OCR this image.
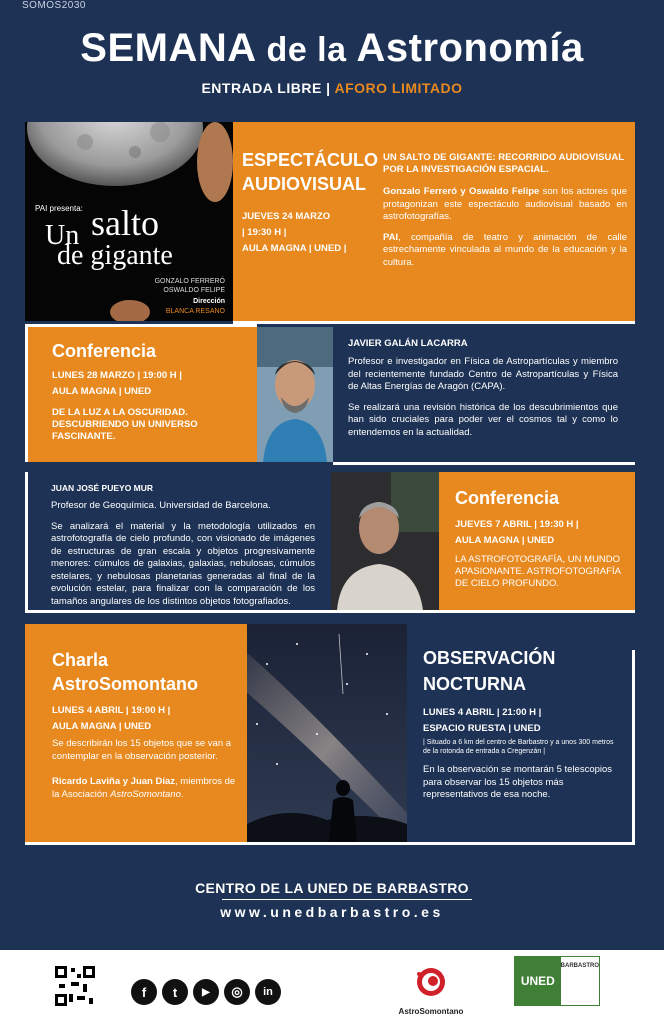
SOMOS2030
SEMANA de la Astronomía
ENTRADA LIBRE | AFORO LIMITADO
PAI presenta:
Un salto
de gigante
GONZALO FERRERÓ
OSWALDO FELIPE
Dirección
BLANCA RESANO
ESPECTÁCULO
AUDIOVISUAL
JUEVES 24 MARZO
| 19:30 H |
AULA MAGNA | UNED |
UN SALTO DE GIGANTE: RECORRIDO AUDIOVISUAL POR LA INVESTIGACIÓN ESPACIAL.
Gonzalo Ferreró y Oswaldo Felipe son los actores que protagonizan este espectáculo audiovisual basado en astrofotografías.
PAI, compañía de teatro y animación de calle estrechamente vinculada al mundo de la educación y la cultura.
Conferencia
LUNES 28 MARZO | 19:00 H |
AULA MAGNA | UNED
DE LA LUZ A LA OSCURIDAD. DESCUBRIENDO UN UNIVERSO FASCINANTE.
JAVIER GALÁN LACARRA
Profesor e investigador en Física de Astropartículas y miembro del recientemente fundado Centro de Astropartículas y Física de Altas Energías de Aragón (CAPA).
Se realizará una revisión histórica de los descubrimientos que han sido cruciales para poder ver el cosmos tal y como lo entendemos en la actualidad.
JUAN JOSÉ PUEYO MUR
Profesor de Geoquímica. Universidad de Barcelona.
Se analizará el material y la metodología utilizados en astrofotografía de cielo profundo, con visionado de imágenes de estructuras de gran escala y objetos progresivamente menores: cúmulos de galaxias, galaxias, nebulosas, cúmulos estelares, y nebulosas planetarias generadas al final de la evolución estelar, para finalizar con la comparación de los tamaños angulares de los distintos objetos fotografiados.
Conferencia
JUEVES 7 ABRIL | 19:30 H |
AULA MAGNA | UNED
LA ASTROFOTOGRAFÍA, UN MUNDO APASIONANTE. ASTROFOTOGRAFÍA DE CIELO PROFUNDO.
Charla
AstroSomontano
LUNES 4 ABRIL | 19:00 H |
AULA MAGNA | UNED
Se describirán los 15 objetos que se van a contemplar en la observación posterior.
Ricardo Laviña y Juan Díaz, miembros de la Asociación AstroSomontano.
OBSERVACIÓN
NOCTURNA
LUNES 4 ABRIL | 21:00 H |
ESPACIO RUESTA | UNED
| Situado a 6 km del centro de Barbastro y a unos 300 metros de la rotonda de entrada a Cregenzán |
En la observación se montarán 5 telescopios para observar los 15 objetos más representativos de esa noche.
CENTRO DE LA UNED DE BARBASTRO
www.unedbarbastro.es
f	t	▶	◎	in
AstroSomontano
UNED
BARBASTRO
